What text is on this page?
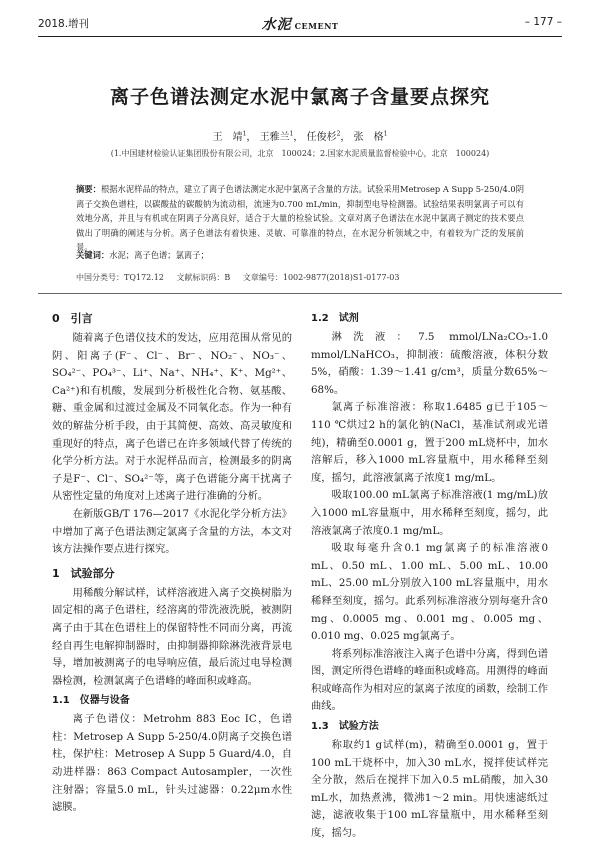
2018.增刊	水泥 CEMENT	– 177 –
离子色谱法测定水泥中氯离子含量要点探究
王　靖$^1$， 王雅兰$^1$， 任俊杉$^2$， 张　格$^1$
(1.中国建材检验认证集团股份有限公司，北京　100024；2.国家水泥质量监督检验中心，北京　100024)
摘要：根据水泥样品的特点，建立了离子色谱法测定水泥中氯离子含量的方法。试验采用Metrosep A Supp 5-250/4.0阴离子交换色谱柱，以碳酸盐的碳酸钠为流动相，流速为0.700 mL/min，抑制型电导检测器。试验结果表明氯离子可以有效地分离，并且与有机或在阴离子分离良好，适合于大量的检验试验。文章对离子色谱法在水泥中氯离子测定的技术要点做出了明确的阐述与分析。离子色谱法有着快速、灵敏、可靠准的特点，在水泥分析领域之中，有着较为广泛的发展前景。
关键词：水泥；离子色谱；氯离子；
中国分类号：TQ172.12 文献标识码：B 文章编号：1002-9877(2018)S1-0177-03
0　引言

随着离子色谱仪技术的发达，应用范围从常见的阴、阳离子(F⁻、Cl⁻、Br⁻、NO₂⁻、NO₃⁻、SO₄²⁻、PO₄³⁻、Li⁺、Na⁺、NH₄⁺、K⁺、Mg²⁺、Ca²⁺)和有机酸，发展到分析极性化合物、氨基酸、糖、重金属和过渡过金属及不同氧化态。作为一种有效的解盐分析手段，由于其简便、高效、高灵敏度和重现好的特点，离子色谱已在许多领域代替了传统的化学分析方法。对于水泥样品而言，检测最多的阴离子是F⁻、Cl⁻、SO₄²⁻等，离子色谱能分离干扰离子从密性定量的角度对上述离子进行准确的分析。

在新版GB/T 176—2017《水泥化学分析方法》中增加了离子色谱法测定氯离子含量的方法，本文对该方法操作要点进行探究。

1　试验部分

用稀酸分解试样，试样溶液进入离子交换树脂为固定相的离子色谱柱，经溶离的带洗液洗脱，被测阴离子由于其在色谱柱上的保留特性不同而分离，再流经自再生电解抑制器时，由抑制器抑除淋洗液背景电导，增加被测离子的电导响应值，最后流过电导检测器检测，检测氯离子色谱峰的峰面积或峰高。

1.1　仪器与设备

离子色谱仪：Metrohm 883 Eoc IC，色谱柱：Metrosep A Supp 5-250/4.0阴离子交换色谱柱，保护柱：Metrosep A Supp 5 Guard/4.0，自动进样器：863 Compact Autosampler，一次性注射器；容量5.0 mL，针头过滤器：0.22μm水性滤膜。

1.2　试剂

淋洗液：7.5 mmol/LNa₂CO₃-1.0 mmol/LNaHCO₃，抑制液：硫酸溶液，体积分数5%，硝酸：1.39～1.41 g/cm³，质量分数65%～68%。

氯离子标准溶液：称取1.6485 g已于105～110 ℃烘过2 h的氯化钠(NaCl，基准试剂或光谱纯)，精确至0.0001 g，置于200 mL烧杯中，加水溶解后，移入1000 mL容量瓶中，用水稀释至刻度，摇匀，此溶液氯离子浓度1 mg/mL。

吸取100.00 mL氯离子标准溶液(1 mg/mL)放入1000 mL容量瓶中，用水稀释至刻度，摇匀，此溶液氯离子浓度0.1 mg/mL。

吸取每毫升含0.1 mg氯离子的标准溶液0 mL、0.50 mL、1.00 mL、5.00 mL、10.00 mL、25.00 mL分别放入100 mL容量瓶中，用水稀释至刻度，摇匀。此系列标准溶液分别每毫升含0 mg、0.0005 mg、0.001 mg、0.005 mg、0.010 mg、0.025 mg氯离子。

将系列标准溶液注入离子色谱中分离，得到色谱图，测定所得色谱峰的峰面积或峰高。用测得的峰面积或峰高作为相对应的氯离子浓度的函数，绘制工作曲线。

1.3　试验方法

称取约1 g试样(m)，精确至0.0001 g，置于100 mL干烧杯中，加入30 mL水，搅拌使试样完全分散，然后在搅拌下加入0.5 mL硝酸，加入30 mL水，加热煮沸，微沸1～2 min。用快速滤纸过滤，滤液收集于100 mL容量瓶中，用水稀释至刻度，摇匀。
